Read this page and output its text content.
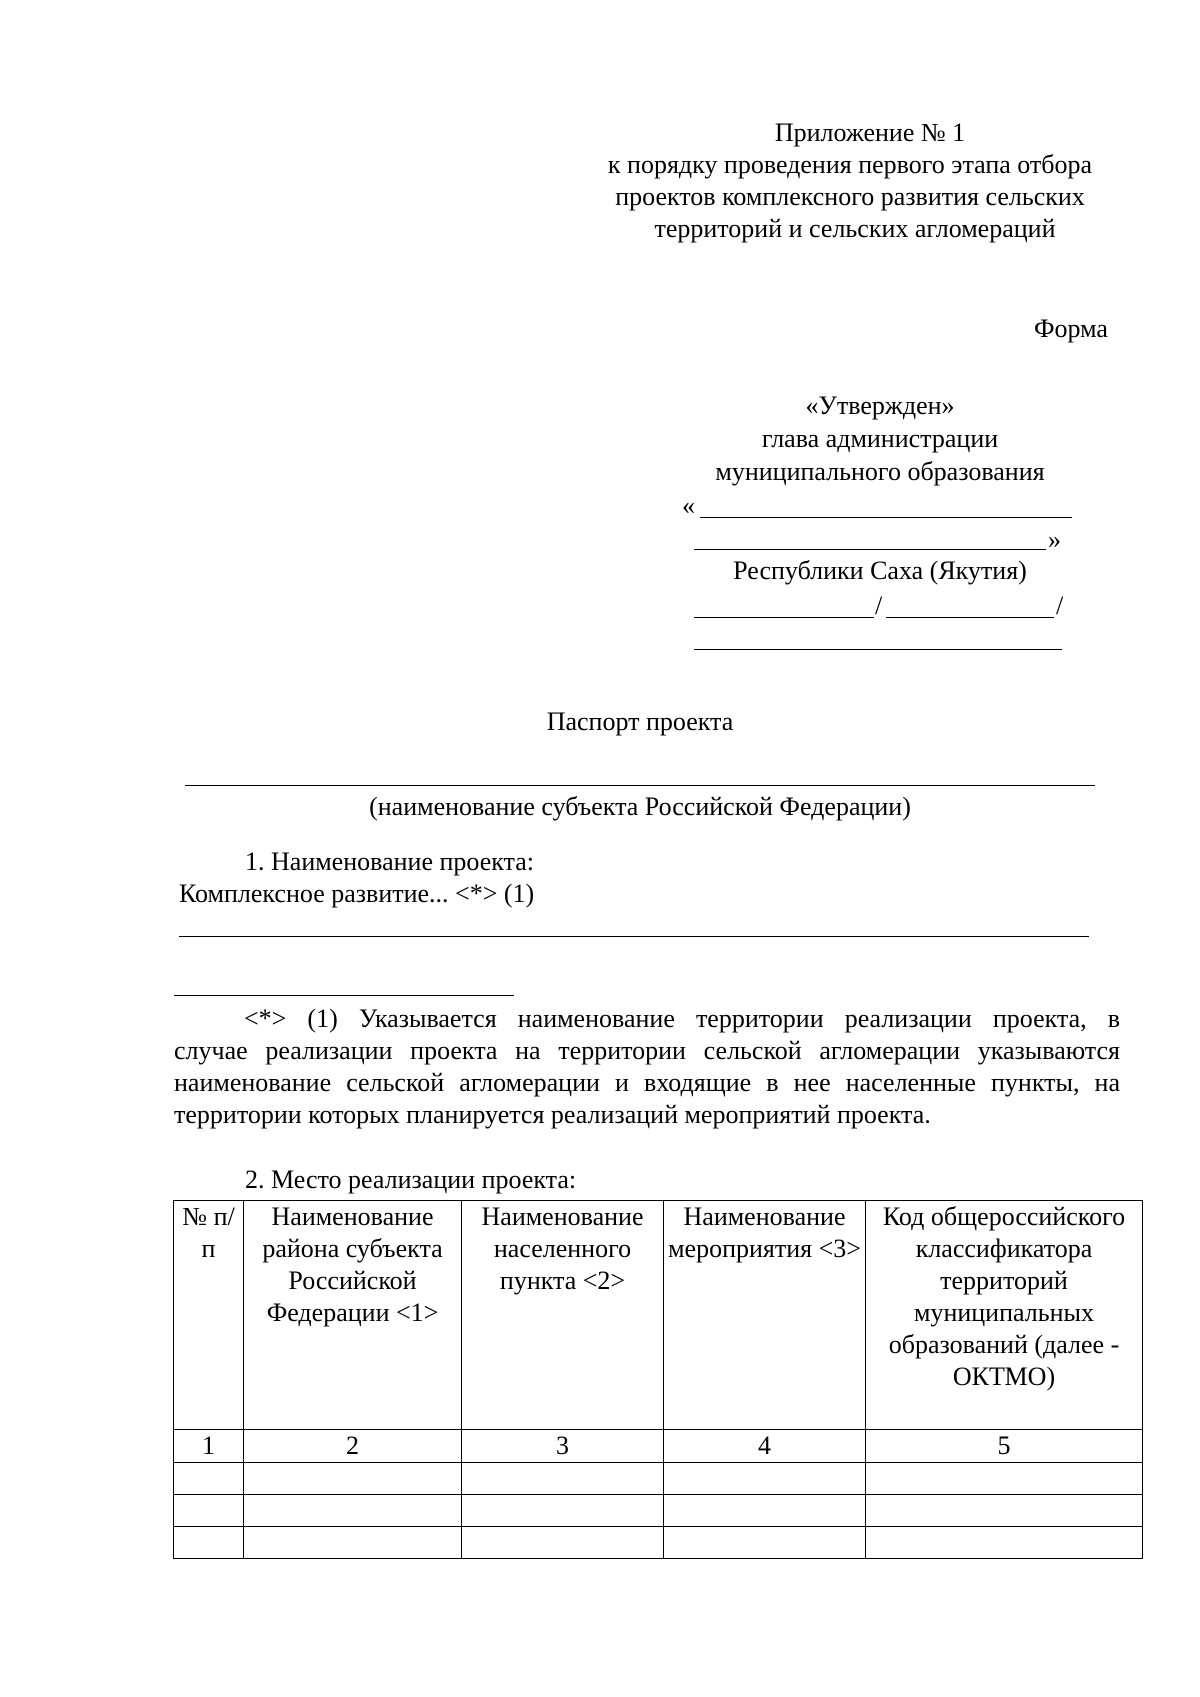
Приложение № 1
к порядку проведения первого этапа отбора
проектов комплексного развития сельских
территорий и сельских агломераций
Форма
«Утвержден»
глава администрации
муниципального образования
«
»
Республики Саха (Якутия)
/	/
Паспорт проекта
(наименование субъекта Российской Федерации)
1. Наименование проекта:
Комплексное развитие... <*> (1)
<*> (1) Указывается наименование территории реализации проекта, в
случае реализации проекта на территории сельской агломерации указываются
наименование сельской агломерации и входящие в нее населенные пункты, на
территории которых планируется реализаций мероприятий проекта.
2. Место реализации проекта:
№ п/п	Наименование района субъекта Российской Федерации <1>	Наименование населенного пункта <2>	Наименование мероприятия <3>	Код общероссийского классификатора территорий муниципальных образований (далее - ОКТМО)
1	2	3	4	5
